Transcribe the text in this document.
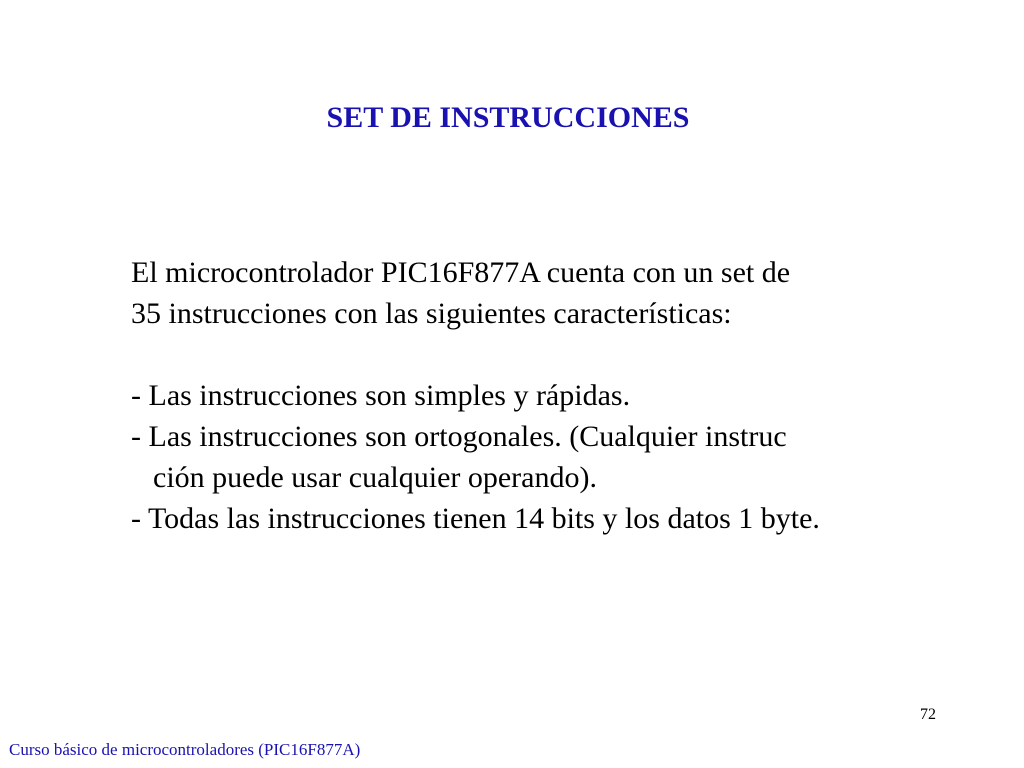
SET DE INSTRUCCIONES
El microcontrolador PIC16F877A cuenta con un set de
35 instrucciones con las siguientes características:
- Las instrucciones son simples y rápidas.
- Las instrucciones son ortogonales. (Cualquier instruc
ción puede usar cualquier operando).
- Todas las instrucciones tienen 14 bits y los datos 1 byte.
72
Curso básico de microcontroladores (PIC16F877A)
